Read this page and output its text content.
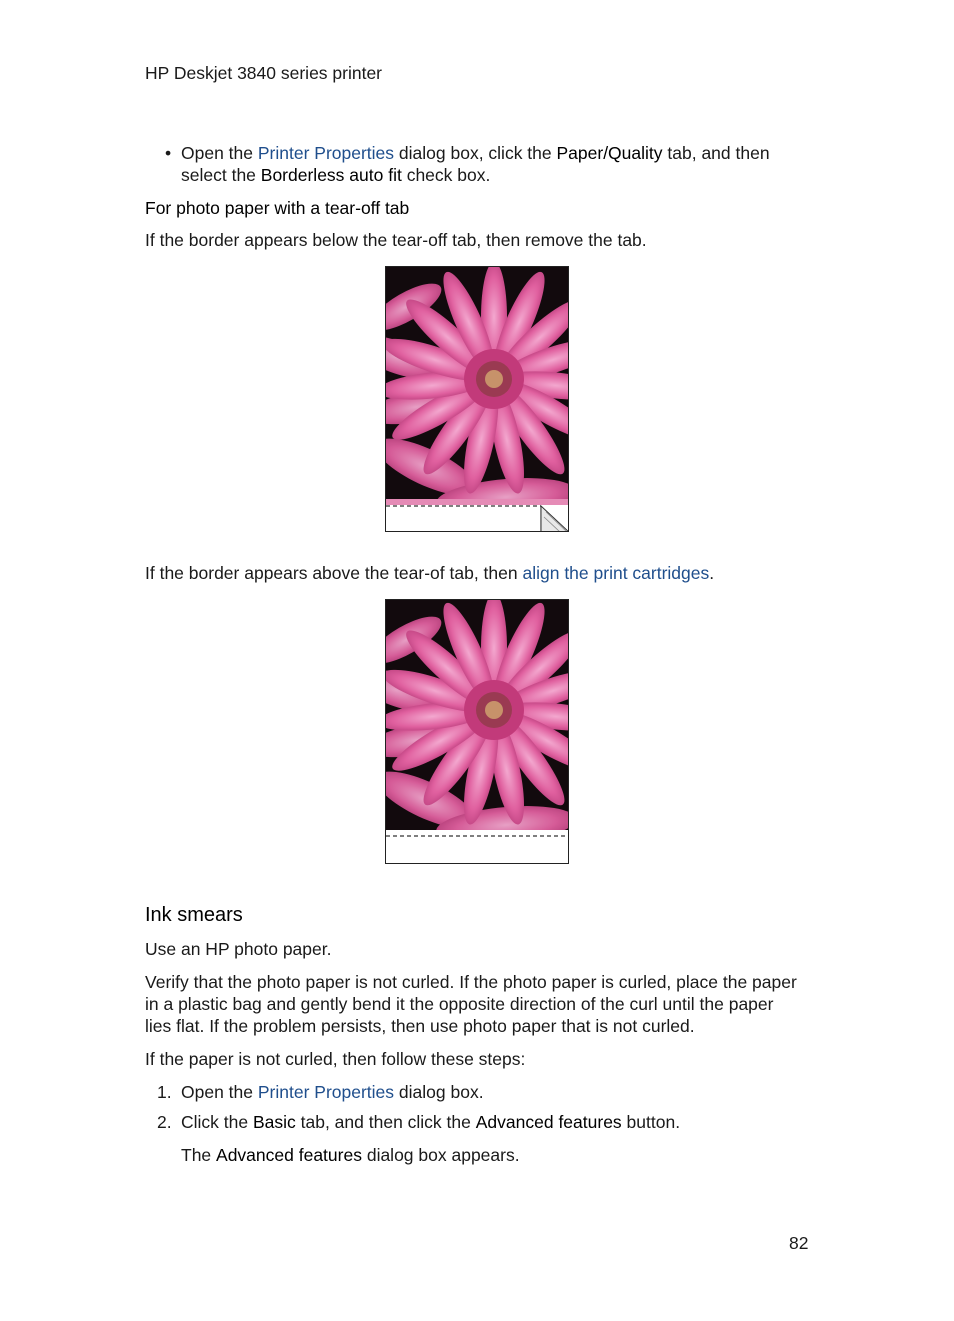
HP Deskjet 3840 series printer
• Open the Printer Properties dialog box, click the Paper/Quality tab, and then
select the Borderless auto fit check box.
For photo paper with a tear-off tab
If the border appears below the tear-off tab, then remove the tab.
If the border appears above the tear-of tab, then align the print cartridges.
Ink smears
Use an HP photo paper.
Verify that the photo paper is not curled. If the photo paper is curled, place the paper
in a plastic bag and gently bend it the opposite direction of the curl until the paper
lies flat. If the problem persists, then use photo paper that is not curled.
If the paper is not curled, then follow these steps:
1. Open the Printer Properties dialog box.
2. Click the Basic tab, and then click the Advanced features button.
The Advanced features dialog box appears.
82
